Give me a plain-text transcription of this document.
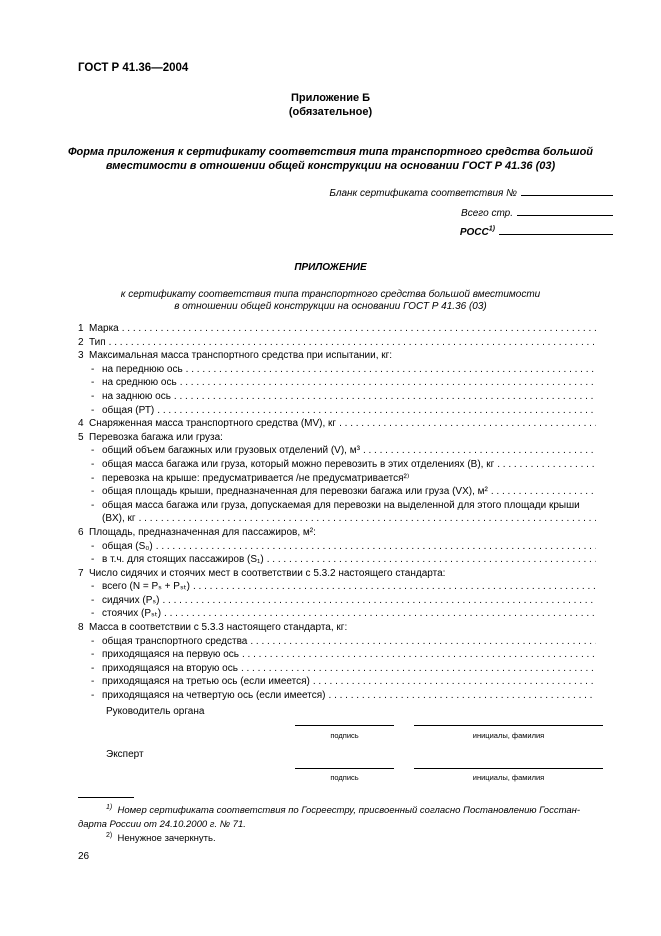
ГОСТ Р 41.36—2004
Приложение Б
(обязательное)
Форма приложения к сертификату соответствия типа транспортного средства большой
вместимости в отношении общей конструкции на основании ГОСТ Р 41.36 (03)
Бланк сертификата соответствия №
Всего стр.
РОСС$^{1)}$
ПРИЛОЖЕНИЕ
к сертификату соответствия типа транспортного средства большой вместимости
в отношении общей конструкции на основании ГОСТ Р 41.36 (03)
1 Марка
. . .
2 Тип
. . .
3 Максимальная масса транспортного средства при испытании, кг:
- на переднюю ось
. . .
- на среднюю ось
. . .
- на заднюю ось
. . .
- общая (РТ)
. . .
4 Снаряженная масса транспортного средства (MV), кг
. . .
5 Перевозка багажа или груза:
- общий объем багажных или грузовых отделений (V), м³
. . .
- общая масса багажа или груза, который можно перевозить в этих отделениях (B), кг
. . .
- перевозка на крыше: предусматривается /не предусматривается²⁾
- общая площадь крыши, предназначенная для перевозки багажа или груза (VX), м²
. . .
- общая масса багажа или груза, допускаемая для перевозки на выделенной для этого площади крыши
(BX), кг
. . .
6 Площадь, предназначенная для пассажиров, м²:
- общая (S₀)
. . .
- в т.ч. для стоящих пассажиров (S₁)
. . .
7 Число сидячих и стоячих мест в соответствии с 5.3.2 настоящего стандарта:
- всего (N = Pₛ + Pₛₜ)
. . .
- сидячих (Pₛ)
. . .
- стоячих (Pₛₜ)
. . .
8 Масса в соответствии с 5.3.3 настоящего стандарта, кг:
- общая транспортного средства
. . .
- приходящаяся на первую ось
. . .
- приходящаяся на вторую ось
. . .
- приходящаяся на третью ось (если имеется)
. . .
- приходящаяся на четвертую ось (если имеется)
. . .
Руководитель органа
подпись	инициалы, фамилия
Эксперт
подпись	инициалы, фамилия
$^{1)}$ Номер сертификата соответствия по Госреестру, присвоенный согласно Постановлению Госстан-
дарта России от 24.10.2000 г. № 71.
$^{2)}$ Ненужное зачеркнуть.
26
